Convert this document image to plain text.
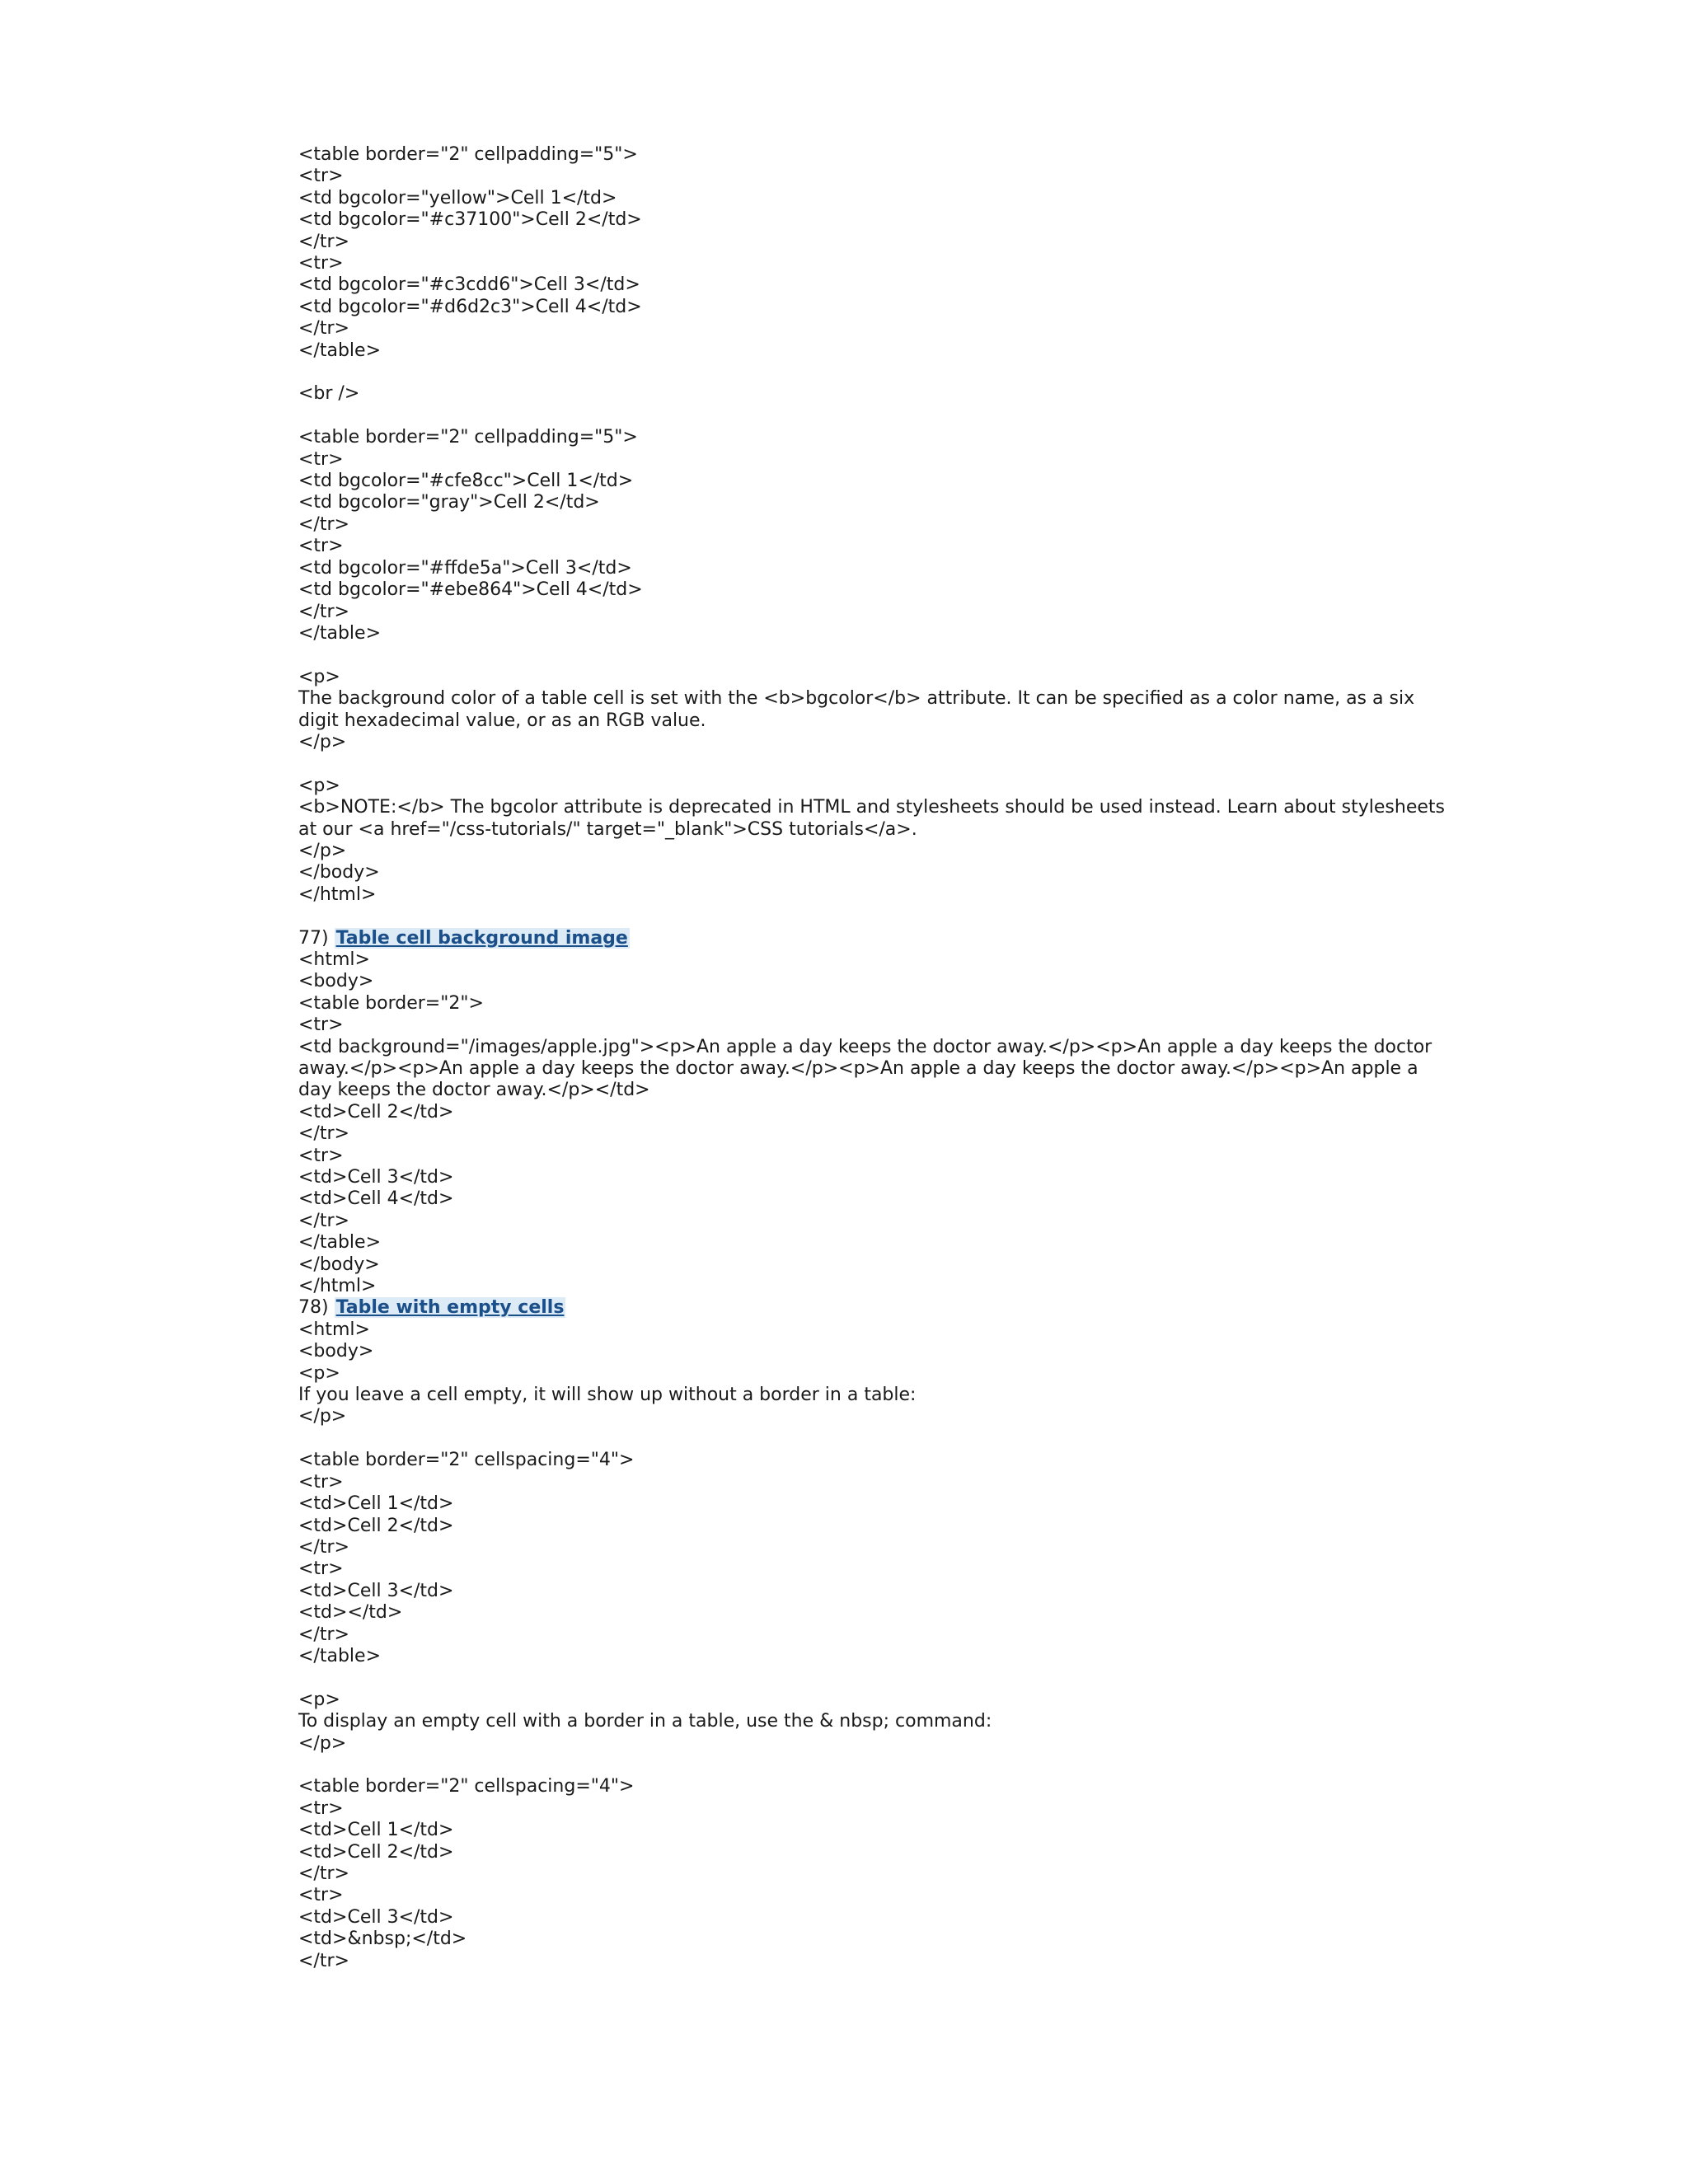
<table border="2" cellpadding="5">
<tr>
<td bgcolor="yellow">Cell 1</td>
<td bgcolor="#c37100">Cell 2</td>
</tr>
<tr>
<td bgcolor="#c3cdd6">Cell 3</td>
<td bgcolor="#d6d2c3">Cell 4</td>
</tr>
</table>
<br />
<table border="2" cellpadding="5">
<tr>
<td bgcolor="#cfe8cc">Cell 1</td>
<td bgcolor="gray">Cell 2</td>
</tr>
<tr>
<td bgcolor="#ffde5a">Cell 3</td>
<td bgcolor="#ebe864">Cell 4</td>
</tr>
</table>
<p>
The background color of a table cell is set with the <b>bgcolor</b> attribute. It can be specified as a color name, as a six digit hexadecimal value, or as an RGB value.
</p>
<p>
<b>NOTE:</b> The bgcolor attribute is deprecated in HTML and stylesheets should be used instead. Learn about stylesheets at our <a href="/css-tutorials/" target="_blank">CSS tutorials</a>.
</p>
</body>
</html>
77) Table cell background image
<html>
<body>
<table border="2">
<tr>
<td background="/images/apple.jpg"><p>An apple a day keeps the doctor away.</p><p>An apple a day keeps the doctor away.</p><p>An apple a day keeps the doctor away.</p><p>An apple a day keeps the doctor away.</p><p>An apple a day keeps the doctor away.</p></td>
<td>Cell 2</td>
</tr>
<tr>
<td>Cell 3</td>
<td>Cell 4</td>
</tr>
</table>
</body>
</html>
78) Table with empty cells
<html>
<body>
<p>
If you leave a cell empty, it will show up without a border in a table:
</p>
<table border="2" cellspacing="4">
<tr>
<td>Cell 1</td>
<td>Cell 2</td>
</tr>
<tr>
<td>Cell 3</td>
<td></td>
</tr>
</table>
<p>
To display an empty cell with a border in a table, use the & nbsp; command:
</p>
<table border="2" cellspacing="4">
<tr>
<td>Cell 1</td>
<td>Cell 2</td>
</tr>
<tr>
<td>Cell 3</td>
<td>&nbsp;</td>
</tr>
